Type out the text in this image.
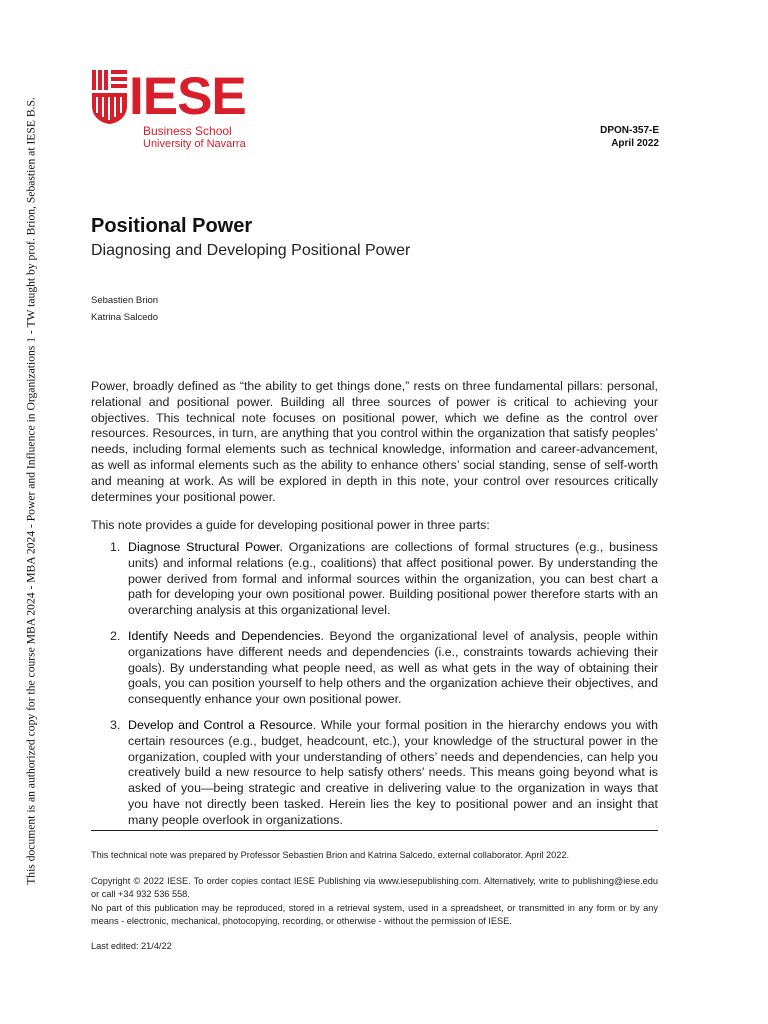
This document is an authorized copy for the course MBA 2024 - MBA 2024 - Power and Influence in Organizations 1 - TW taught by prof. Brion, Sebastien at IESE B.S.
IESE
Business School
University of Navarra
DPON-357-E
April 2022
Positional Power
Diagnosing and Developing Positional Power
Sebastien Brion
Katrina Salcedo

Power, broadly defined as “the ability to get things done,” rests on three fundamental pillars: personal, relational and positional power. Building all three sources of power is critical to achieving your objectives. This technical note focuses on positional power, which we define as the control over resources. Resources, in turn, are anything that you control within the organization that satisfy peoples’ needs, including formal elements such as technical knowledge, information and career-advancement, as well as informal elements such as the ability to enhance others’ social standing, sense of self-worth and meaning at work. As will be explored in depth in this note, your control over resources critically determines your positional power.

This note provides a guide for developing positional power in three parts:

1. Diagnose Structural Power. Organizations are collections of formal structures (e.g., business units) and informal relations (e.g., coalitions) that affect positional power. By understanding the power derived from formal and informal sources within the organization, you can best chart a path for developing your own positional power. Building positional power therefore starts with an overarching analysis at this organizational level.
2. Identify Needs and Dependencies. Beyond the organizational level of analysis, people within organizations have different needs and dependencies (i.e., constraints towards achieving their goals). By understanding what people need, as well as what gets in the way of obtaining their goals, you can position yourself to help others and the organization achieve their objectives, and consequently enhance your own positional power.
3. Develop and Control a Resource. While your formal position in the hierarchy endows you with certain resources (e.g., budget, headcount, etc.), your knowledge of the structural power in the organization, coupled with your understanding of others’ needs and dependencies, can help you creatively build a new resource to help satisfy others' needs. This means going beyond what is asked of you—being strategic and creative in delivering value to the organization in ways that you have not directly been tasked. Herein lies the key to positional power and an insight that many people overlook in organizations.

This technical note was prepared by Professor Sebastien Brion and Katrina Salcedo, external collaborator. April 2022.

Copyright © 2022 IESE. To order copies contact IESE Publishing via www.iesepublishing.com. Alternatively, write to publishing@iese.edu or call +34 932 536 558.

No part of this publication may be reproduced, stored in a retrieval system, used in a spreadsheet, or transmitted in any form or by any means - electronic, mechanical, photocopying, recording, or otherwise - without the permission of IESE.

Last edited: 21/4/22
